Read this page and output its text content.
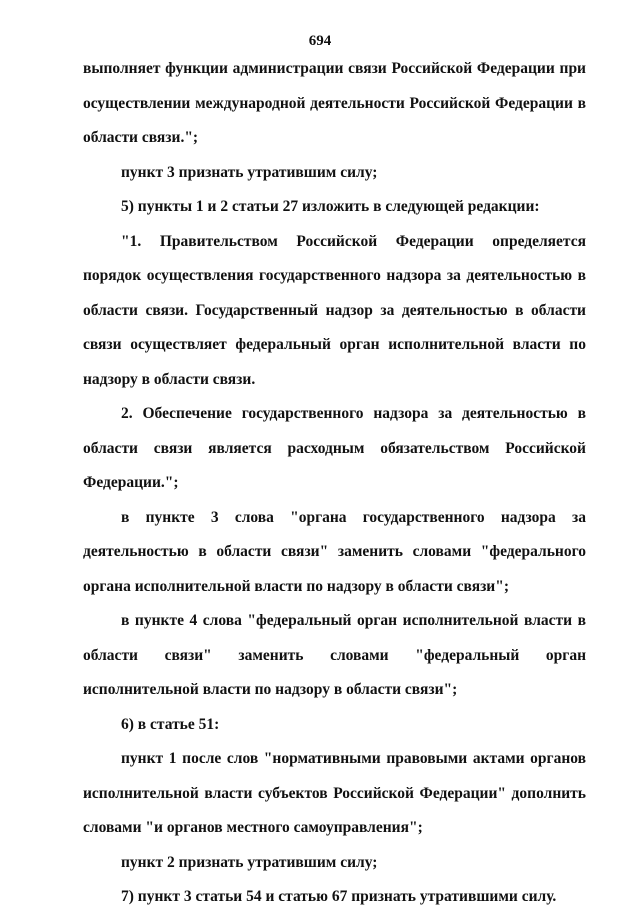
694

выполняет функции администрации связи Российской Федерации при осуществлении международной деятельности Российской Федерации в области связи.";

пункт 3 признать утратившим силу;

5) пункты 1 и 2 статьи 27 изложить в следующей редакции:

"1. Правительством Российской Федерации определяется порядок осуществления государственного надзора за деятельностью в области связи. Государственный надзор за деятельностью в области связи осуществляет федеральный орган исполнительной власти по надзору в области связи.

2. Обеспечение государственного надзора за деятельностью в области связи является расходным обязательством Российской Федерации.";

в пункте 3 слова "органа государственного надзора за деятельностью в области связи" заменить словами "федерального органа исполнительной власти по надзору в области связи";

в пункте 4 слова "федеральный орган исполнительной власти в области связи" заменить словами "федеральный орган исполнительной власти по надзору в области связи";

6) в статье 51:

пункт 1 после слов "нормативными правовыми актами органов исполнительной власти субъектов Российской Федерации" дополнить словами "и органов местного самоуправления";

пункт 2 признать утратившим силу;

7) пункт 3 статьи 54 и статью 67 признать утратившими силу.
